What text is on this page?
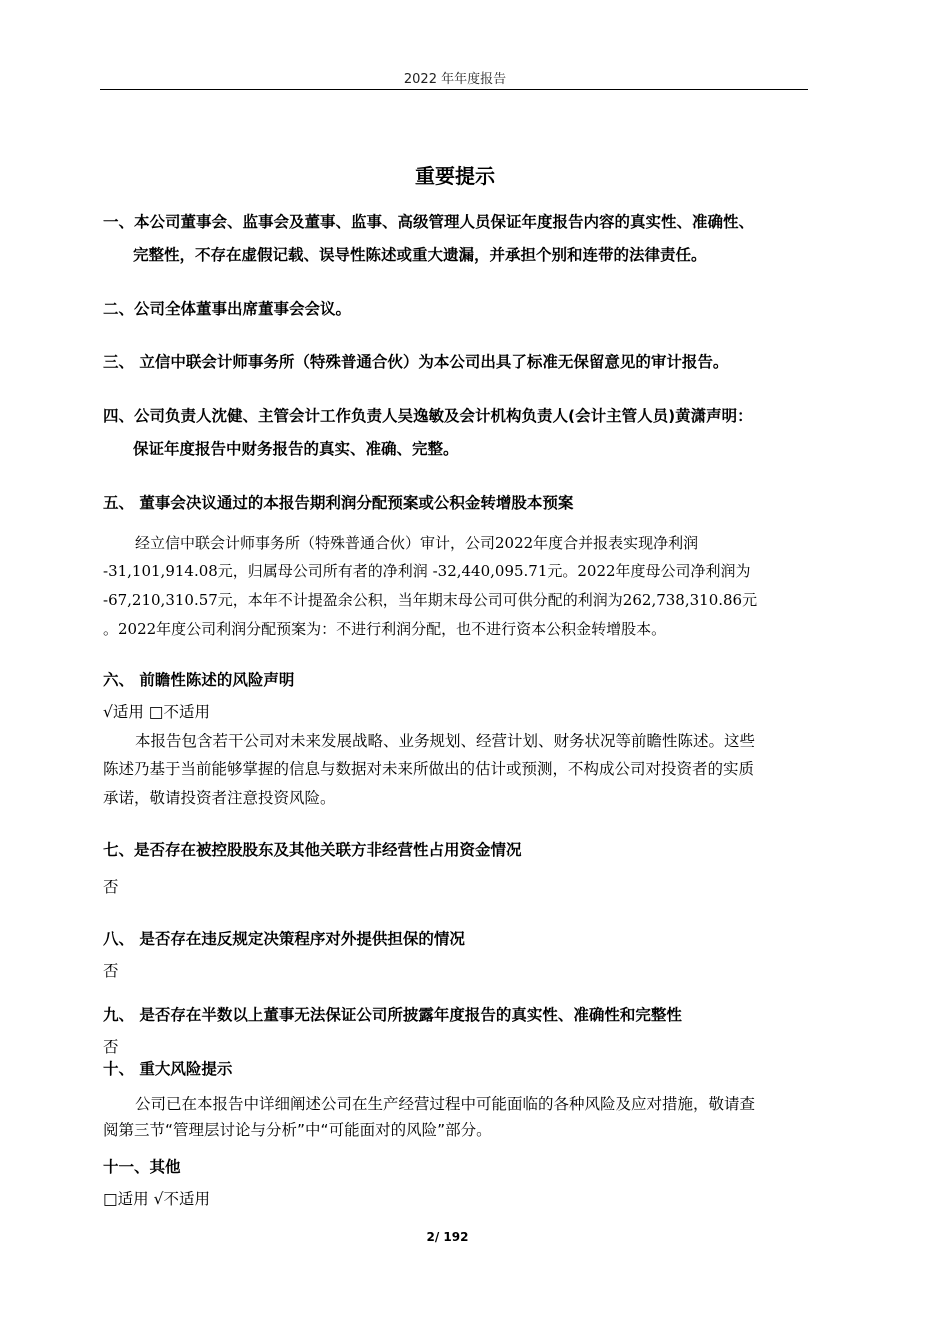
2022 年年度报告
重要提示
一、本公司董事会、监事会及董事、监事、高级管理人员保证年度报告内容的真实性、准确性、
完整性，不存在虚假记载、误导性陈述或重大遗漏，并承担个别和连带的法律责任。
二、公司全体董事出席董事会会议。
三、 立信中联会计师事务所（特殊普通合伙）为本公司出具了标准无保留意见的审计报告。
四、公司负责人沈健、主管会计工作负责人吴逸敏及会计机构负责人(会计主管人员)黄潇声明：
保证年度报告中财务报告的真实、准确、完整。
五、 董事会决议通过的本报告期利润分配预案或公积金转增股本预案
经立信中联会计师事务所（特殊普通合伙）审计，公司2022年度合并报表实现净利润
-31,101,914.08元，归属母公司所有者的净利润 -32,440,095.71元。2022年度母公司净利润为
-67,210,310.57元，本年不计提盈余公积，当年期末母公司可供分配的利润为262,738,310.86元
。2022年度公司利润分配预案为：不进行利润分配，也不进行资本公积金转增股本。
六、 前瞻性陈述的风险声明
√适用 □不适用
本报告包含若干公司对未来发展战略、业务规划、经营计划、财务状况等前瞻性陈述。这些
陈述乃基于当前能够掌握的信息与数据对未来所做出的估计或预测，不构成公司对投资者的实质
承诺，敬请投资者注意投资风险。
七、是否存在被控股股东及其他关联方非经营性占用资金情况
否
八、 是否存在违反规定决策程序对外提供担保的情况
否
九、 是否存在半数以上董事无法保证公司所披露年度报告的真实性、准确性和完整性
否
十、 重大风险提示
公司已在本报告中详细阐述公司在生产经营过程中可能面临的各种风险及应对措施，敬请查
阅第三节“管理层讨论与分析”中“可能面对的风险”部分。
十一、其他
□适用 √不适用
2/ 192
